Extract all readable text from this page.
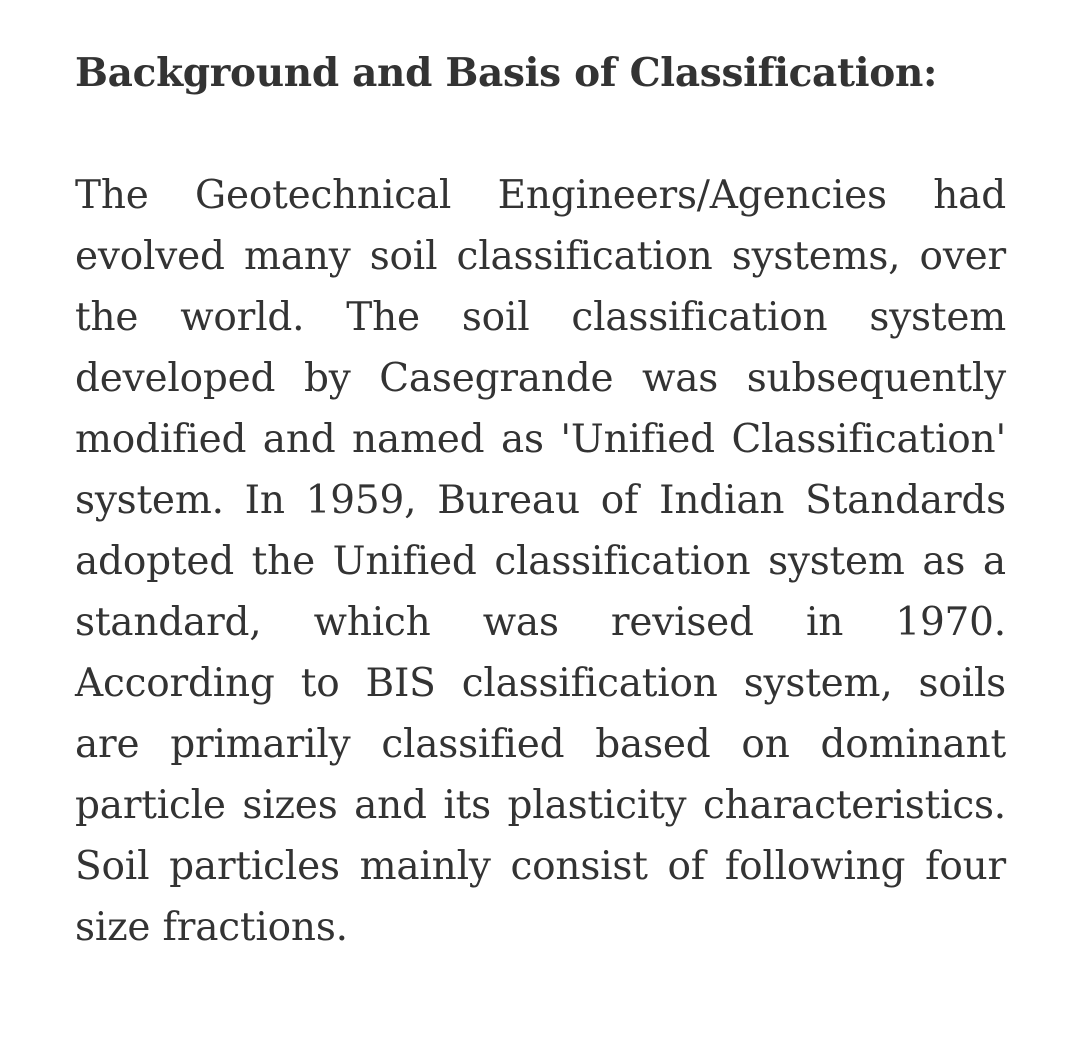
Background and Basis of Classification:

The Geotechnical Engineers/Agencies had evolved many soil classification systems, over the world. The soil classification system developed by Casegrande was subsequently modified and named as 'Unified Classification' system. In 1959, Bureau of Indian Standards adopted the Unified classification system as a standard, which was revised in 1970. According to BIS classification system, soils are primarily classified based on dominant particle sizes and its plasticity characteristics. Soil particles mainly consist of following four size fractions.
